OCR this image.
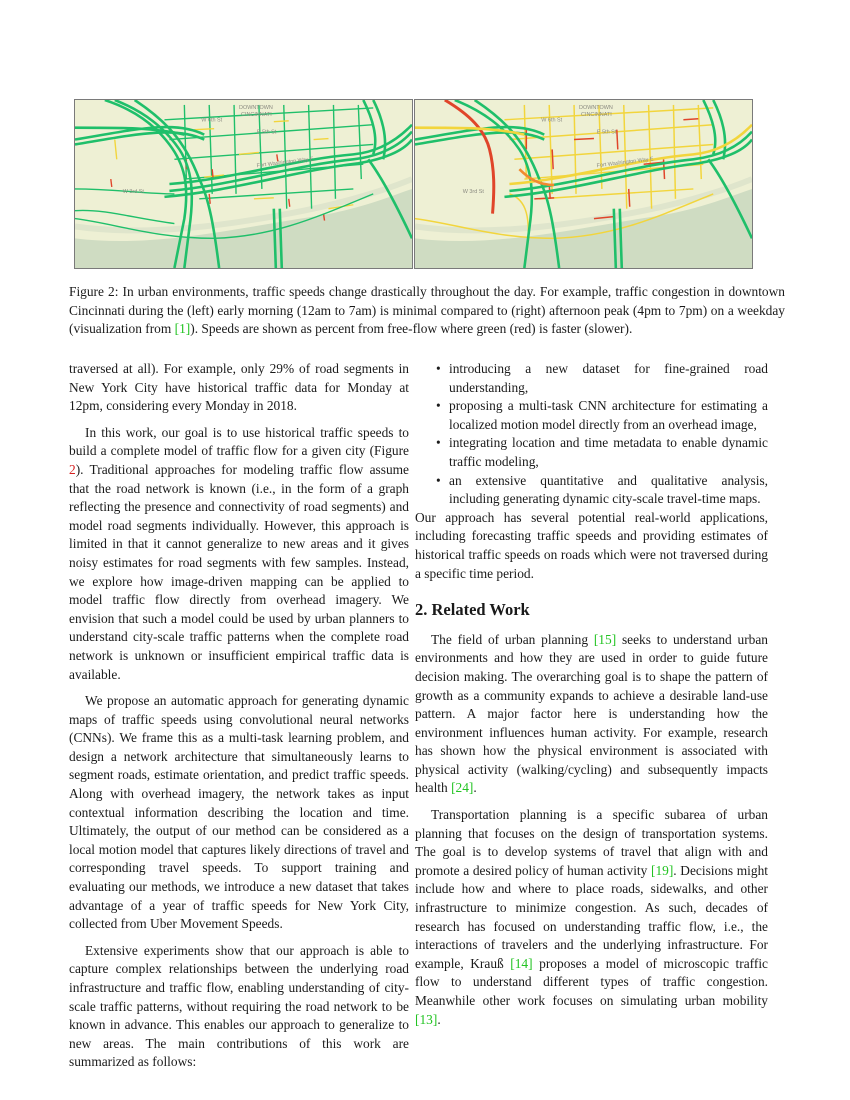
DOWNTOWN
CINCINNATI
W 6th St
E 5th St
Fort Washington Way E
W 3rd St
DOWNTOWN
CINCINNATI
W 6th St
E 5th St
Fort Washington Way E
W 3rd St
Figure 2: In urban environments, traffic speeds change drastically throughout the day. For example, traffic congestion in downtown Cincinnati during the (left) early morning (12am to 7am) is minimal compared to (right) afternoon peak (4pm to 7pm) on a weekday (visualization from [1]). Speeds are shown as percent from free-flow where green (red) is faster (slower).

traversed at all). For example, only 29% of road segments in New York City have historical traffic data for Monday at 12pm, considering every Monday in 2018.

In this work, our goal is to use historical traffic speeds to build a complete model of traffic flow for a given city (Figure 2). Traditional approaches for modeling traffic flow assume that the road network is known (i.e., in the form of a graph reflecting the presence and connectivity of road segments) and model road segments individually. However, this approach is limited in that it cannot generalize to new areas and it gives noisy estimates for road segments with few samples. Instead, we explore how image-driven mapping can be applied to model traffic flow directly from overhead imagery. We envision that such a model could be used by urban planners to understand city-scale traffic patterns when the complete road network is unknown or insufficient empirical traffic data is available.

We propose an automatic approach for generating dynamic maps of traffic speeds using convolutional neural networks (CNNs). We frame this as a multi-task learning problem, and design a network architecture that simultaneously learns to segment roads, estimate orientation, and predict traffic speeds. Along with overhead imagery, the network takes as input contextual information describing the location and time. Ultimately, the output of our method can be considered as a local motion model that captures likely directions of travel and corresponding travel speeds. To support training and evaluating our methods, we introduce a new dataset that takes advantage of a year of traffic speeds for New York City, collected from Uber Movement Speeds.

Extensive experiments show that our approach is able to capture complex relationships between the underlying road infrastructure and traffic flow, enabling understanding of city-scale traffic patterns, without requiring the road network to be known in advance. This enables our approach to generalize to new areas. The main contributions of this work are summarized as follows:

• introducing a new dataset for fine-grained road understanding,
• proposing a multi-task CNN architecture for estimating a localized motion model directly from an overhead image,
• integrating location and time metadata to enable dynamic traffic modeling,
• an extensive quantitative and qualitative analysis, including generating dynamic city-scale travel-time maps.

Our approach has several potential real-world applications, including forecasting traffic speeds and providing estimates of historical traffic speeds on roads which were not traversed during a specific time period.

2. Related Work

The field of urban planning [15] seeks to understand urban environments and how they are used in order to guide future decision making. The overarching goal is to shape the pattern of growth as a community expands to achieve a desirable land-use pattern. A major factor here is understanding how the environment influences human activity. For example, research has shown how the physical environment is associated with physical activity (walking/cycling) and subsequently impacts health [24].

Transportation planning is a specific subarea of urban planning that focuses on the design of transportation systems. The goal is to develop systems of travel that align with and promote a desired policy of human activity [19]. Decisions might include how and where to place roads, sidewalks, and other infrastructure to minimize congestion. As such, decades of research has focused on understanding traffic flow, i.e., the interactions of travelers and the underlying infrastructure. For example, Krauß [14] proposes a model of microscopic traffic flow to understand different types of traffic congestion. Meanwhile other work focuses on simulating urban mobility [13].
